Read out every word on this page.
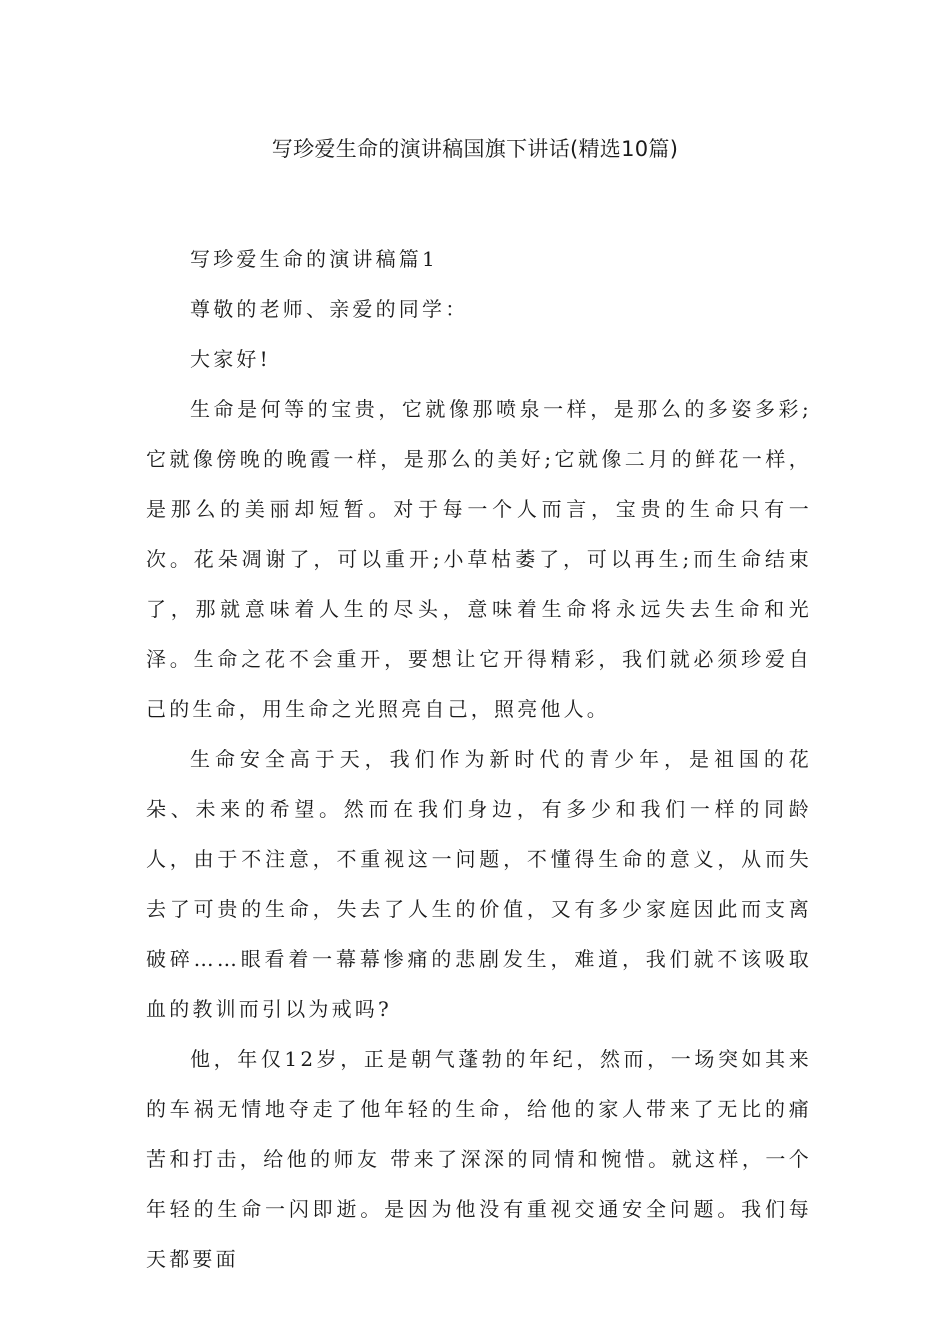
写珍爱生命的演讲稿国旗下讲话(精选10篇)

写珍爱生命的演讲稿篇1

尊敬的老师、亲爱的同学：

大家好!

生命是何等的宝贵，它就像那喷泉一样，是那么的多姿多彩;它就像傍晚的晚霞一样，是那么的美好;它就像二月的鲜花一样，是那么的美丽却短暂。对于每一个人而言，宝贵的生命只有一次。花朵凋谢了，可以重开;小草枯萎了，可以再生;而生命结束了，那就意味着人生的尽头，意味着生命将永远失去生命和光泽。生命之花不会重开，要想让它开得精彩，我们就必须珍爱自己的生命，用生命之光照亮自己，照亮他人。

生命安全高于天，我们作为新时代的青少年，是祖国的花朵、未来的希望。然而在我们身边，有多少和我们一样的同龄人，由于不注意，不重视这一问题，不懂得生命的意义，从而失去了可贵的生命，失去了人生的价值，又有多少家庭因此而支离破碎……眼看着一幕幕惨痛的悲剧发生，难道，我们就不该吸取血的教训而引以为戒吗?

他，年仅12岁，正是朝气蓬勃的年纪，然而，一场突如其来的车祸无情地夺走了他年轻的生命，给他的家人带来了无比的痛苦和打击，给他的师友 带来了深深的同情和惋惜。就这样，一个年轻的生命一闪即逝。是因为他没有重视交通安全问题。我们每天都要面
